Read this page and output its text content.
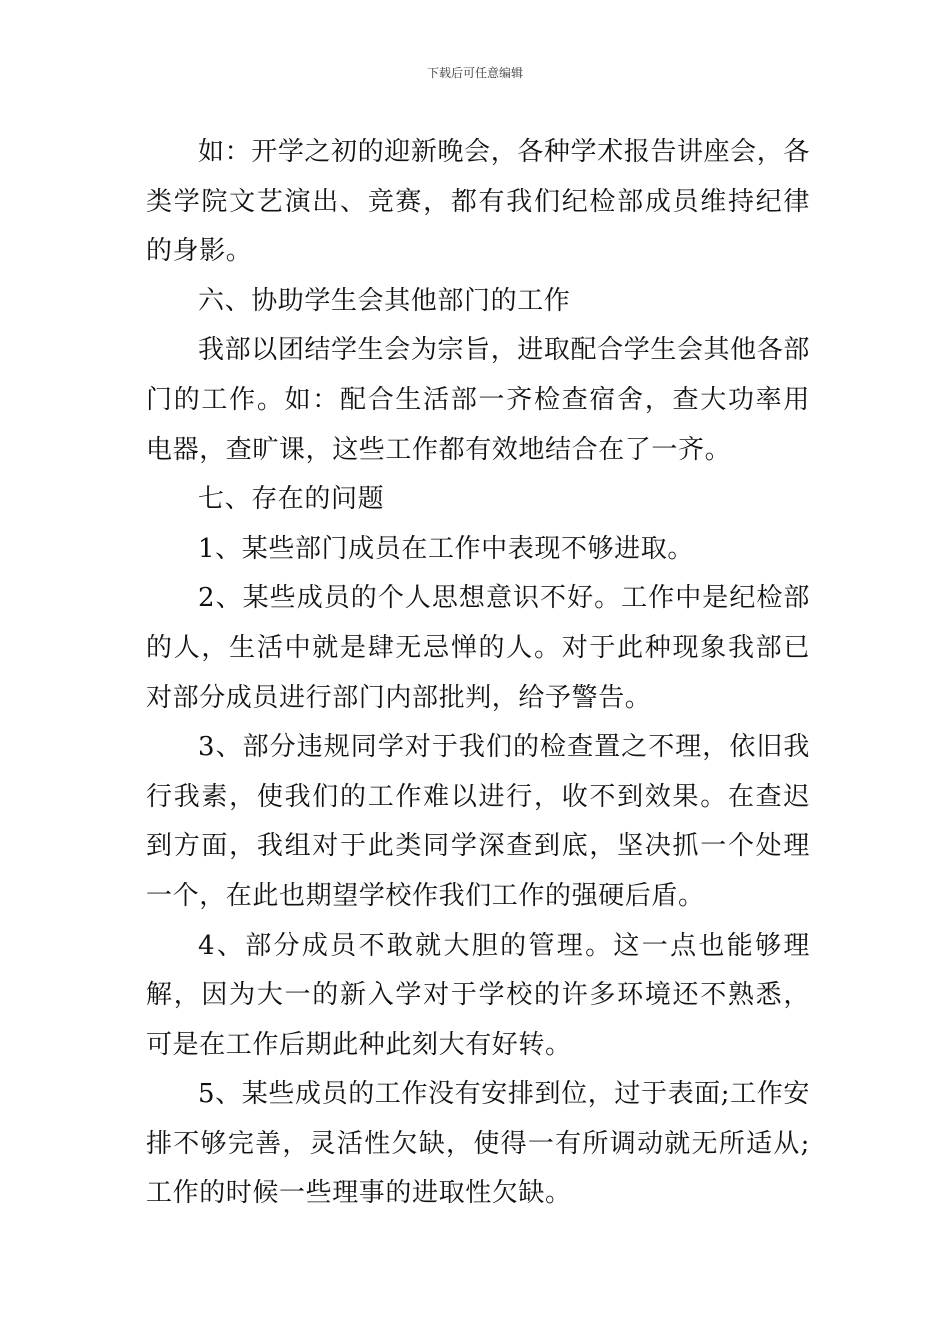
下载后可任意编辑

如：开学之初的迎新晚会，各种学术报告讲座会，各类学院文艺演出、竞赛，都有我们纪检部成员维持纪律的身影。

六、协助学生会其他部门的工作

我部以团结学生会为宗旨，进取配合学生会其他各部门的工作。如：配合生活部一齐检查宿舍，查大功率用电器，查旷课，这些工作都有效地结合在了一齐。

七、存在的问题

1、某些部门成员在工作中表现不够进取。

2、某些成员的个人思想意识不好。工作中是纪检部的人，生活中就是肆无忌惮的人。对于此种现象我部已对部分成员进行部门内部批判，给予警告。

3、部分违规同学对于我们的检查置之不理，依旧我行我素，使我们的工作难以进行，收不到效果。在查迟到方面，我组对于此类同学深查到底，坚决抓一个处理一个，在此也期望学校作我们工作的强硬后盾。

4、部分成员不敢就大胆的管理。这一点也能够理解，因为大一的新入学对于学校的许多环境还不熟悉，可是在工作后期此种此刻大有好转。

5、某些成员的工作没有安排到位，过于表面;工作安排不够完善，灵活性欠缺，使得一有所调动就无所适从;工作的时候一些理事的进取性欠缺。
